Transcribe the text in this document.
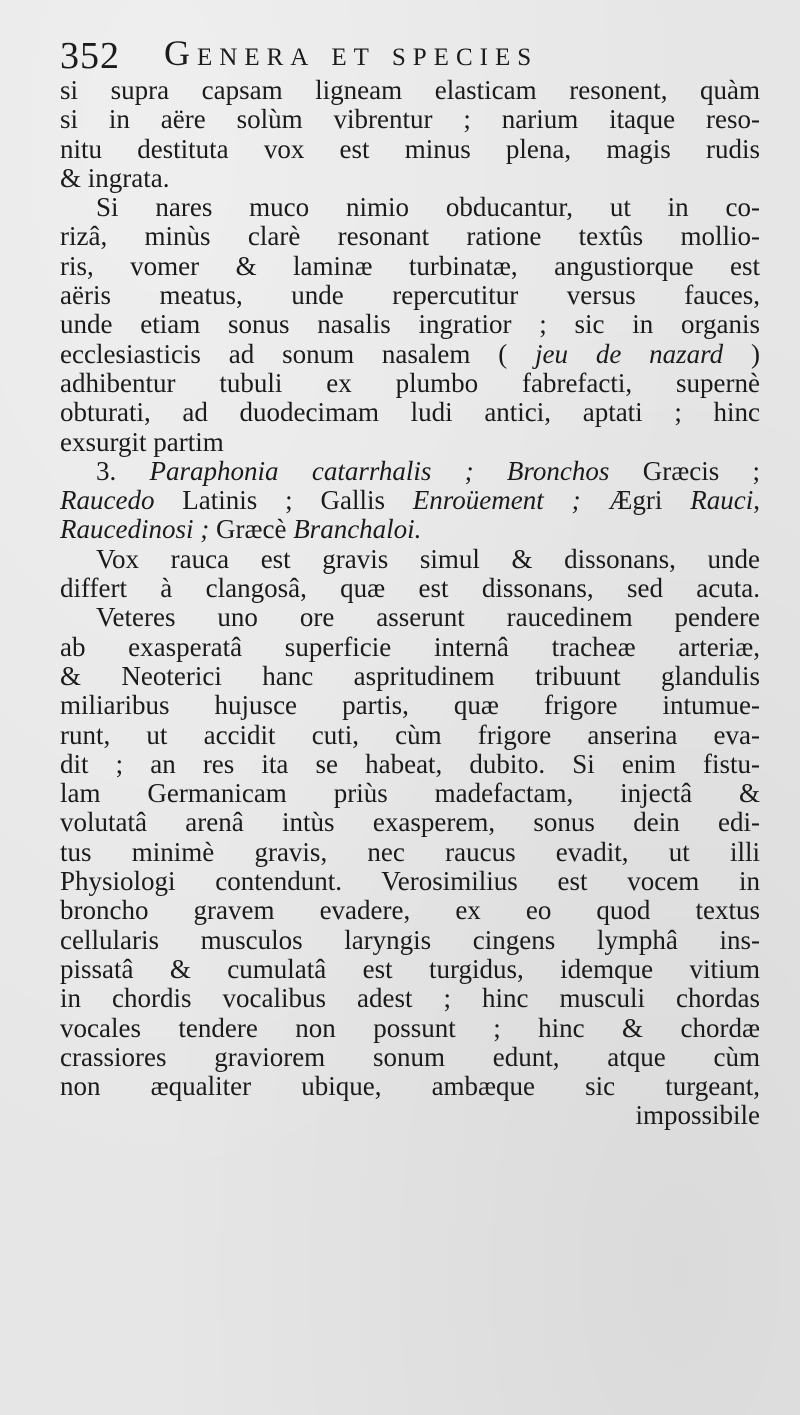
352 Genera et species
si supra capsam ligneam elasticam resonent, quàm
si in aëre solùm vibrentur ; narium itaque reso-
nitu destituta vox est minus plena, magis rudis
& ingrata.
Si nares muco nimio obducantur, ut in co-
rizâ, minùs clarè resonant ratione textûs mollio-
ris, vomer & laminæ turbinatæ, angustiorque est
aëris meatus, unde repercutitur versus fauces,
unde etiam sonus nasalis ingratior ; sic in organis
ecclesiasticis ad sonum nasalem ( jeu de nazard )
adhibentur tubuli ex plumbo fabrefacti, supernè
obturati, ad duodecimam ludi antici, aptati ; hinc
exsurgit partim
3. Paraphonia catarrhalis ; Bronchos Græcis ;
Raucedo Latinis ; Gallis Enroüement ; Ægri Rauci,
Raucedinosi ; Græcè Branchaloi.
Vox rauca est gravis simul & dissonans, unde
differt à clangosâ, quæ est dissonans, sed acuta.
Veteres uno ore asserunt raucedinem pendere
ab exasperatâ superficie internâ tracheæ arteriæ,
& Neoterici hanc aspritudinem tribuunt glandulis
miliaribus hujusce partis, quæ frigore intumue-
runt, ut accidit cuti, cùm frigore anserina eva-
dit ; an res ita se habeat, dubito. Si enim fistu-
lam Germanicam priùs madefactam, injectâ &
volutatâ arenâ intùs exasperem, sonus dein edi-
tus minimè gravis, nec raucus evadit, ut illi
Physiologi contendunt. Verosimilius est vocem in
broncho gravem evadere, ex eo quod textus
cellularis musculos laryngis cingens lymphâ ins-
pissatâ & cumulatâ est turgidus, idemque vitium
in chordis vocalibus adest ; hinc musculi chordas
vocales tendere non possunt ; hinc & chordæ
crassiores graviorem sonum edunt, atque cùm
non æqualiter ubique, ambæque sic turgeant,
impossibile
